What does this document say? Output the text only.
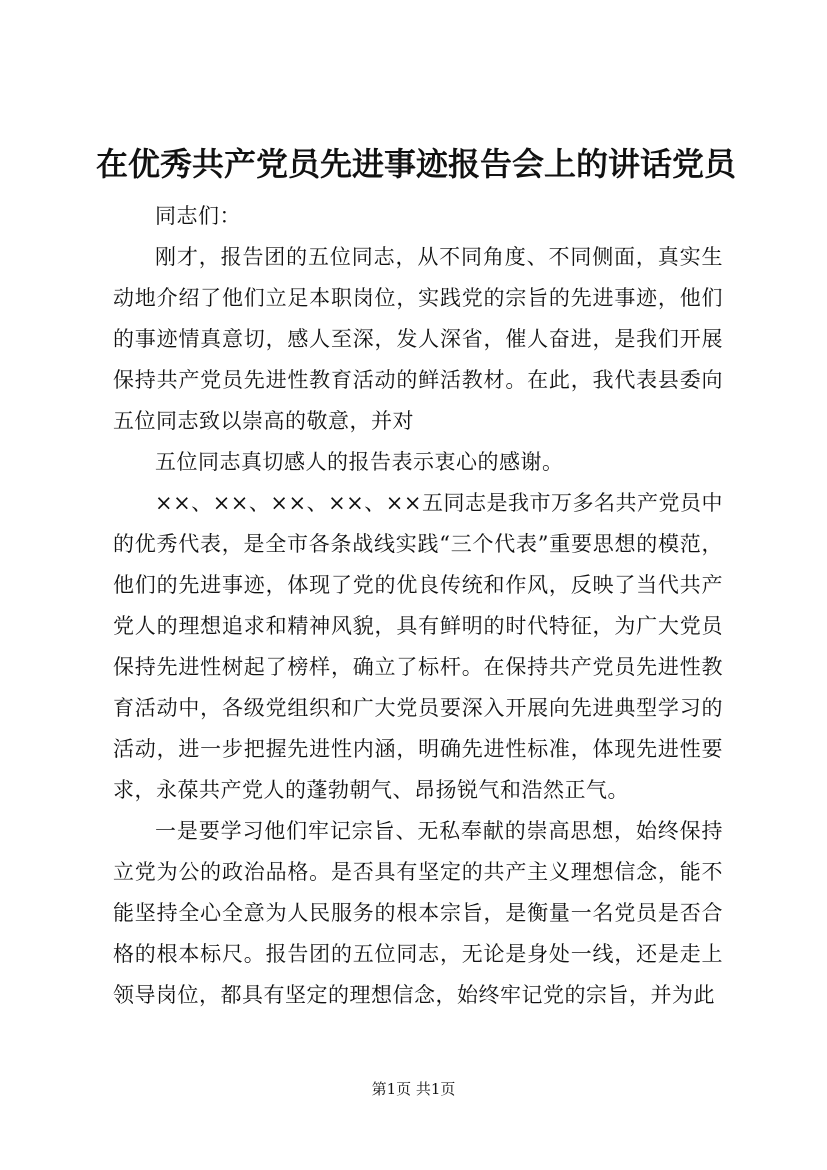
在优秀共产党员先进事迹报告会上的讲话党员

同志们：

刚才，报告团的五位同志，从不同角度、不同侧面，真实生动地介绍了他们立足本职岗位，实践党的宗旨的先进事迹，他们的事迹情真意切，感人至深，发人深省，催人奋进，是我们开展保持共产党员先进性教育活动的鲜活教材。在此，我代表县委向五位同志致以崇高的敬意，并对

五位同志真切感人的报告表示衷心的感谢。

××、××、××、××、××五同志是我市万多名共产党员中的优秀代表，是全市各条战线实践“三个代表”重要思想的模范，他们的先进事迹，体现了党的优良传统和作风，反映了当代共产党人的理想追求和精神风貌，具有鲜明的时代特征，为广大党员保持先进性树起了榜样，确立了标杆。在保持共产党员先进性教育活动中，各级党组织和广大党员要深入开展向先进典型学习的活动，进一步把握先进性内涵，明确先进性标准，体现先进性要求，永葆共产党人的蓬勃朝气、昂扬锐气和浩然正气。

一是要学习他们牢记宗旨、无私奉献的崇高思想，始终保持立党为公的政治品格。是否具有坚定的共产主义理想信念，能不能坚持全心全意为人民服务的根本宗旨，是衡量一名党员是否合格的根本标尺。报告团的五位同志，无论是身处一线，还是走上领导岗位，都具有坚定的理想信念，始终牢记党的宗旨，并为此

第1页 共1页
